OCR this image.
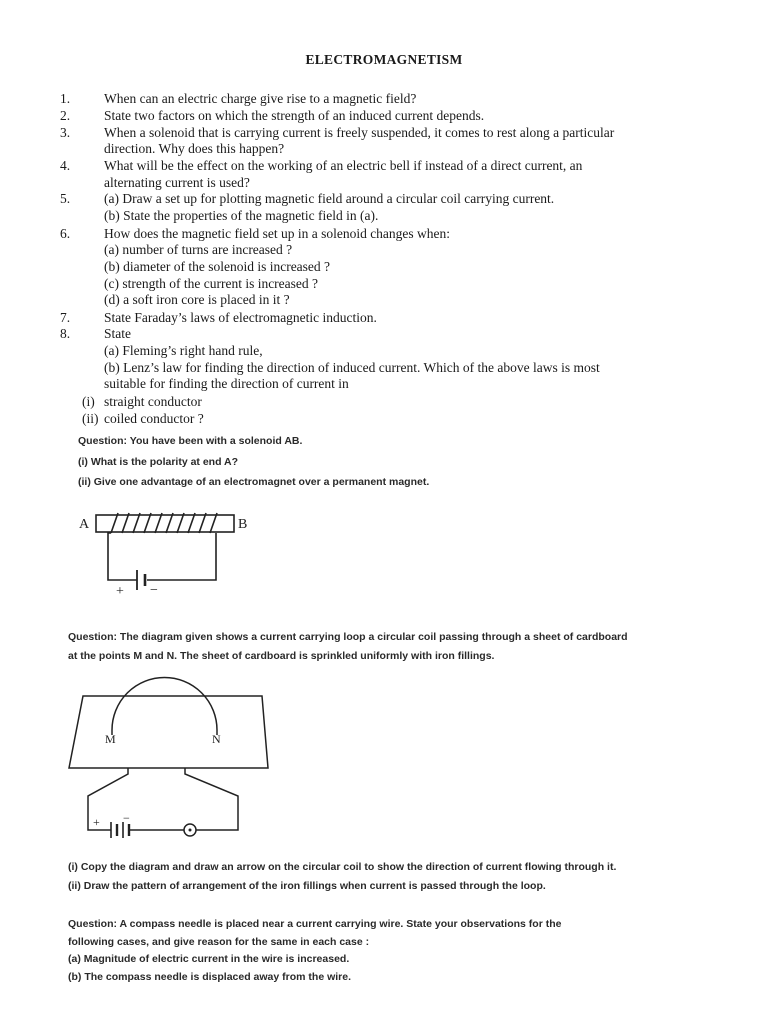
ELECTROMAGNETISM
1.	When can an electric charge give rise to a magnetic field?
2.	State two factors on which the strength of an induced current depends.
3.	When a solenoid that is carrying current is freely suspended, it comes to rest along a particular
direction. Why does this happen?
4.	What will be the effect on the working of an electric bell if instead of a direct current, an
alternating current is used?
5.	(a) Draw a set up for plotting magnetic field around a circular coil carrying current.
(b) State the properties of the magnetic field in (a).
6.	How does the magnetic field set up in a solenoid changes when:
(a) number of turns are increased ?
(b) diameter of the solenoid is increased ?
(c) strength of the current is increased ?
(d) a soft iron core is placed in it ?
7.	State Faraday’s laws of electromagnetic induction.
8.	State
(a) Fleming’s right hand rule,
(b) Lenz’s law for finding the direction of induced current. Which of the above laws is most
suitable for finding the direction of current in
(i) straight conductor
(ii) coiled conductor ?
Question: You have been with a solenoid AB.
(i) What is the polarity at end A?
(ii) Give one advantage of an electromagnet over a permanent magnet.
A	B
+ −
Question: The diagram given shows a current carrying loop a circular coil passing through a sheet of cardboard
at the points M and N. The sheet of cardboard is sprinkled uniformly with iron fillings.
M	N
+ −
(i) Copy the diagram and draw an arrow on the circular coil to show the direction of current flowing through it.
(ii) Draw the pattern of arrangement of the iron fillings when current is passed through the loop.
Question: A compass needle is placed near a current carrying wire. State your observations for the
following cases, and give reason for the same in each case :
(a) Magnitude of electric current in the wire is increased.
(b) The compass needle is displaced away from the wire.
